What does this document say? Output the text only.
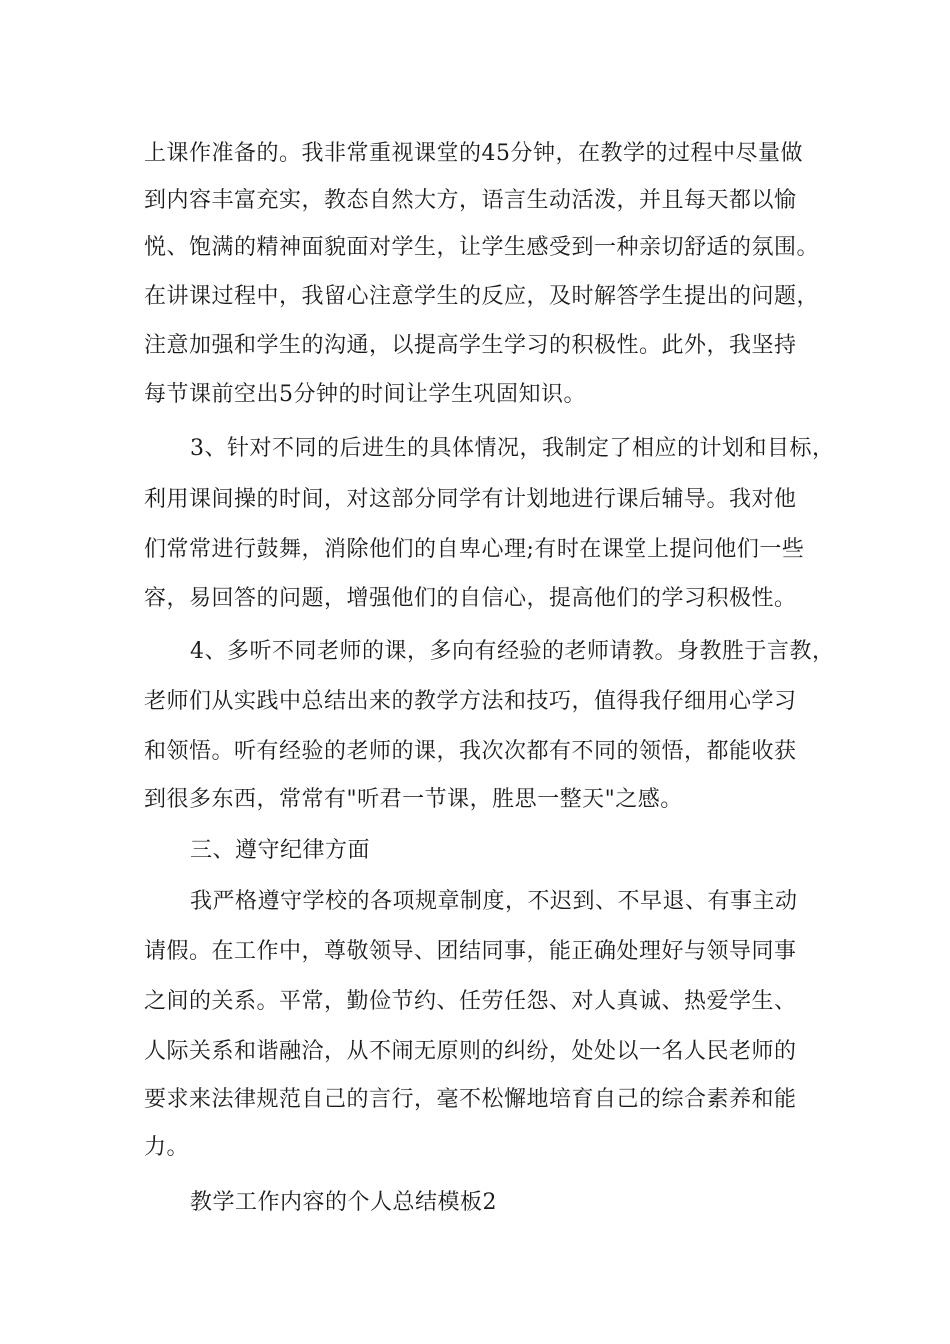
上课作准备的。我非常重视课堂的45分钟，在教学的过程中尽量做
到内容丰富充实，教态自然大方，语言生动活泼，并且每天都以愉
悦、饱满的精神面貌面对学生，让学生感受到一种亲切舒适的氛围。
在讲课过程中，我留心注意学生的反应，及时解答学生提出的问题，
注意加强和学生的沟通，以提高学生学习的积极性。此外，我坚持
每节课前空出5分钟的时间让学生巩固知识。
3、针对不同的后进生的具体情况，我制定了相应的计划和目标，
利用课间操的时间，对这部分同学有计划地进行课后辅导。我对他
们常常进行鼓舞，消除他们的自卑心理;有时在课堂上提问他们一些
容，易回答的问题，增强他们的自信心，提高他们的学习积极性。
4、多听不同老师的课，多向有经验的老师请教。身教胜于言教，
老师们从实践中总结出来的教学方法和技巧，值得我仔细用心学习
和领悟。听有经验的老师的课，我次次都有不同的领悟，都能收获
到很多东西，常常有"听君一节课，胜思一整天"之感。
三、遵守纪律方面
我严格遵守学校的各项规章制度，不迟到、不早退、有事主动
请假。在工作中，尊敬领导、团结同事，能正确处理好与领导同事
之间的关系。平常，勤俭节约、任劳任怨、对人真诚、热爱学生、
人际关系和谐融洽，从不闹无原则的纠纷，处处以一名人民老师的
要求来法律规范自己的言行，毫不松懈地培育自己的综合素养和能
力。
教学工作内容的个人总结模板2
